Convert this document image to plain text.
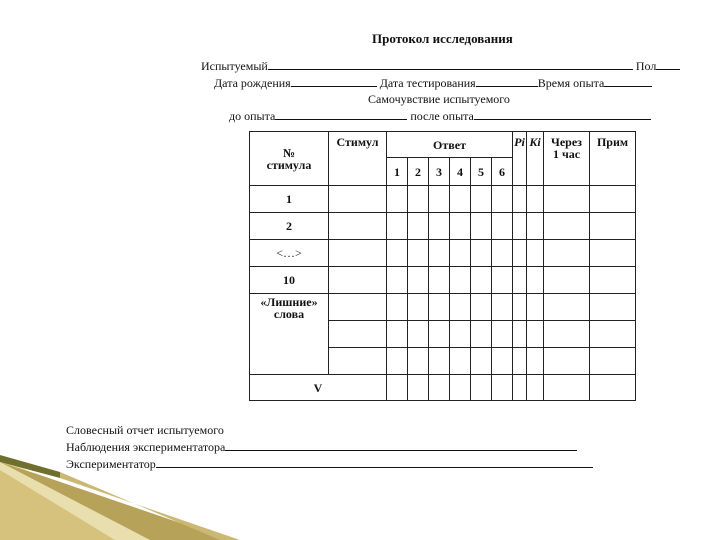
Протокол исследования
Испытуемый	Пол
Дата рождения	Дата тестирования	Время опыта
Самочувствие испытуемого
до опыта	после опыта
№ стимула	Стимул	Ответ						Pi	Ki	Через 1 час	Прим
		1	2	3	4	5	6				
1											
2											
<…>											
10											
«Лишние» слова											

V											
Словесный отчет испытуемого
Наблюдения экспериментатора
Экспериментатор
